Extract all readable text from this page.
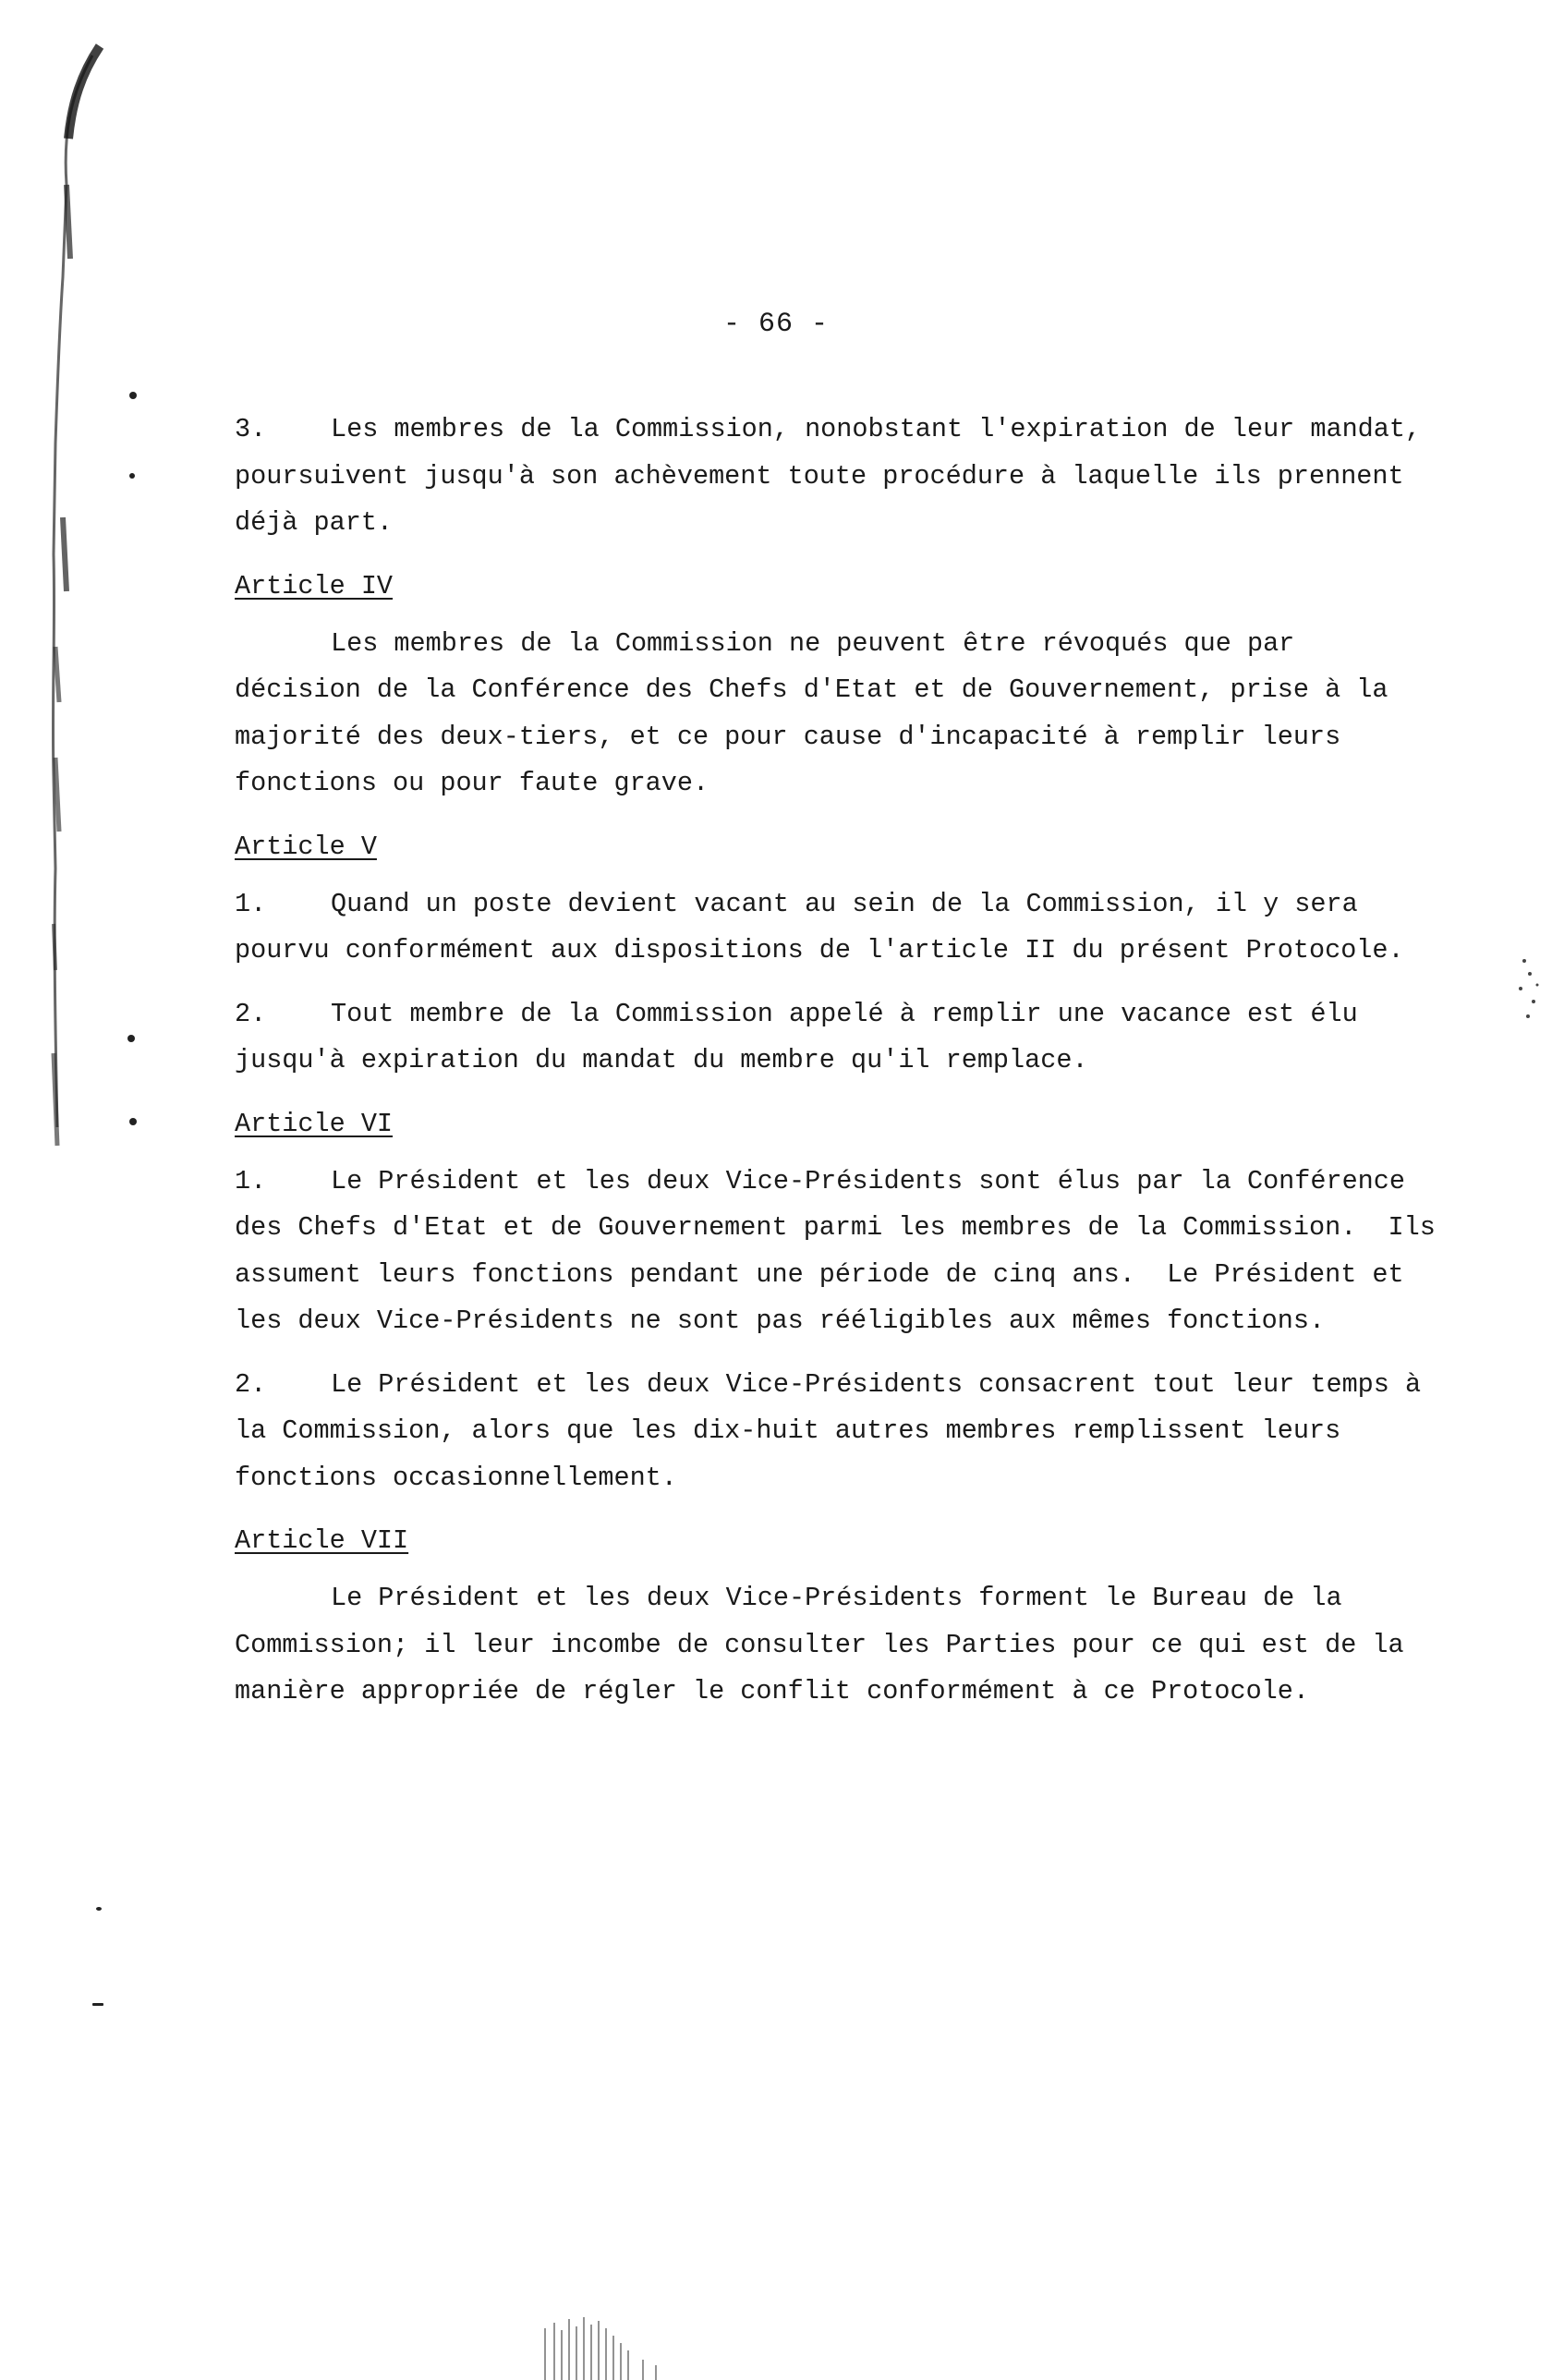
- 66 -

3. Les membres de la Commission, nonobstant l'expiration de leur mandat, poursuivent jusqu'à son achèvement toute procédure à laquelle ils prennent déjà part.

Article IV

Les membres de la Commission ne peuvent être révoqués que par décision de la Conférence des Chefs d'Etat et de Gouvernement, prise à la majorité des deux-tiers, et ce pour cause d'incapacité à remplir leurs fonctions ou pour faute grave.

Article V

1. Quand un poste devient vacant au sein de la Commission, il y sera pourvu conformément aux dispositions de l'article II du présent Protocole.

2. Tout membre de la Commission appelé à remplir une vacance est élu jusqu'à expiration du mandat du membre qu'il remplace.

Article VI

1. Le Président et les deux Vice-Présidents sont élus par la Conférence des Chefs d'Etat et de Gouvernement parmi les membres de la Commission.  Ils assument leurs fonctions pendant une période de cinq ans.  Le Président et les deux Vice-Présidents ne sont pas rééligibles aux mêmes fonctions.

2. Le Président et les deux Vice-Présidents consacrent tout leur temps à la Commission, alors que les dix-huit autres membres remplissent leurs fonctions occasionnellement.

Article VII

Le Président et les deux Vice-Présidents forment le Bureau de la Commission; il leur incombe de consulter les Parties pour ce qui est de la manière appropriée de régler le conflit conformément à ce Protocole.
